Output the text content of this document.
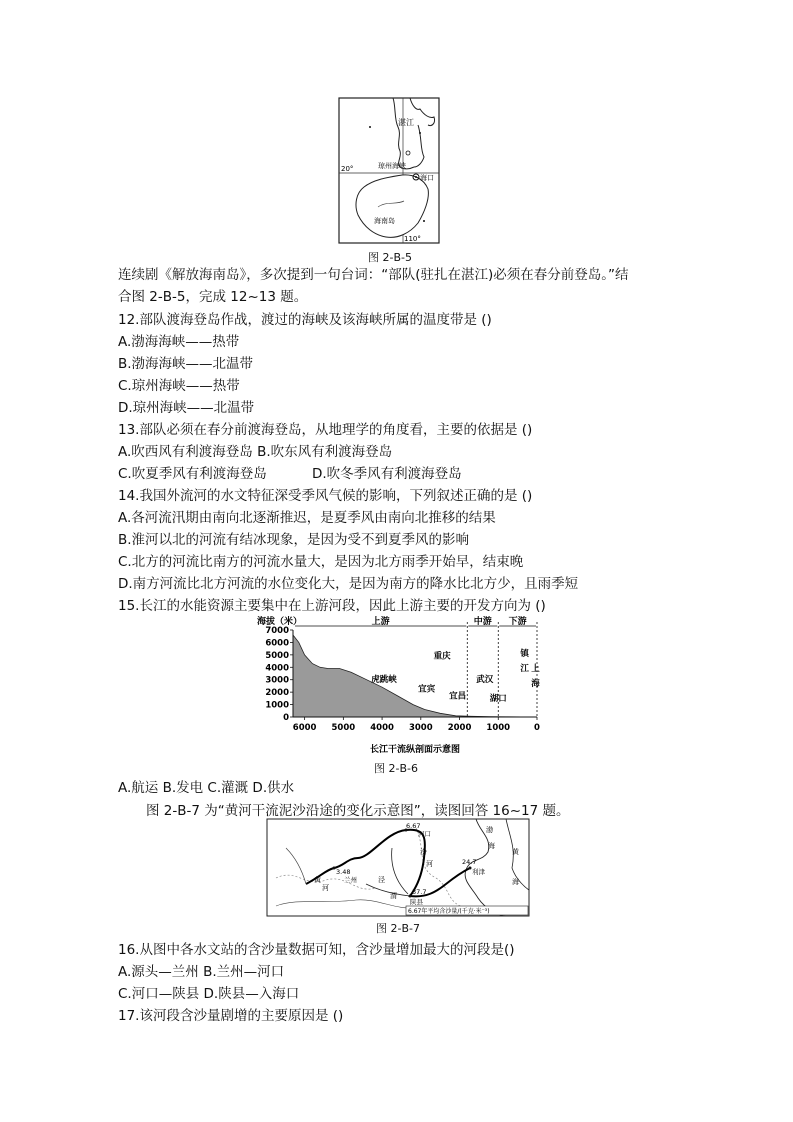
湛江
琼州海峡
海口
海南岛
20°
110°
图 2-B-5
连续剧《解放海南岛》，多次提到一句台词：“部队(驻扎在湛江)必须在春分前登岛。”结
合图 2-B-5，完成 12~13 题。
12.部队渡海登岛作战，渡过的海峡及该海峡所属的温度带是 ()
A.渤海海峡——热带
B.渤海海峡——北温带
C.琼州海峡——热带
D.琼州海峡——北温带
13.部队必须在春分前渡海登岛，从地理学的角度看，主要的依据是 ()
A.吹西风有利渡海登岛 B.吹东风有利渡海登岛
C.吹夏季风有利渡海登岛	D.吹冬季风有利渡海登岛
14.我国外流河的水文特征深受季风气候的影响，下列叙述正确的是 ()
A.各河流汛期由南向北逐渐推迟，是夏季风由南向北推移的结果
B.淮河以北的河流有结冰现象，是因为受不到夏季风的影响
C.北方的河流比南方的河流水量大，是因为北方雨季开始早，结束晚
D.南方河流比北方河流的水位变化大，是因为南方的降水比北方少，且雨季短
15.长江的水能资源主要集中在上游河段，因此上游主要的开发方向为 ()
海拔（米）
7000
6000
5000
4000
3000
2000
1000
0
6000 5000 4000 3000 2000 1000	0
上游	中游 下游
虎跳峡
宜宾
重庆
宜昌
武汉
湖口
镇
江 上
海
长江干流纵剖面示意图
图 2-B-6
A.航运 B.发电 C.灌溉 D.供水
图 2-B-7 为“黄河干流泥沙沿途的变化示意图”，读图回答 16~17 题。
6.67
河口
3.48
兰州
37.7
陕县
24.7
利津
河
汾
泾
渭
黄
河
渤
海
黄
海
6.67年平均含沙量/(千克·米⁻³)
图 2-B-7
16.从图中各水文站的含沙量数据可知，含沙量增加最大的河段是()
A.源头—兰州 B.兰州—河口
C.河口—陕县 D.陕县—入海口
17.该河段含沙量剧增的主要原因是 ()
